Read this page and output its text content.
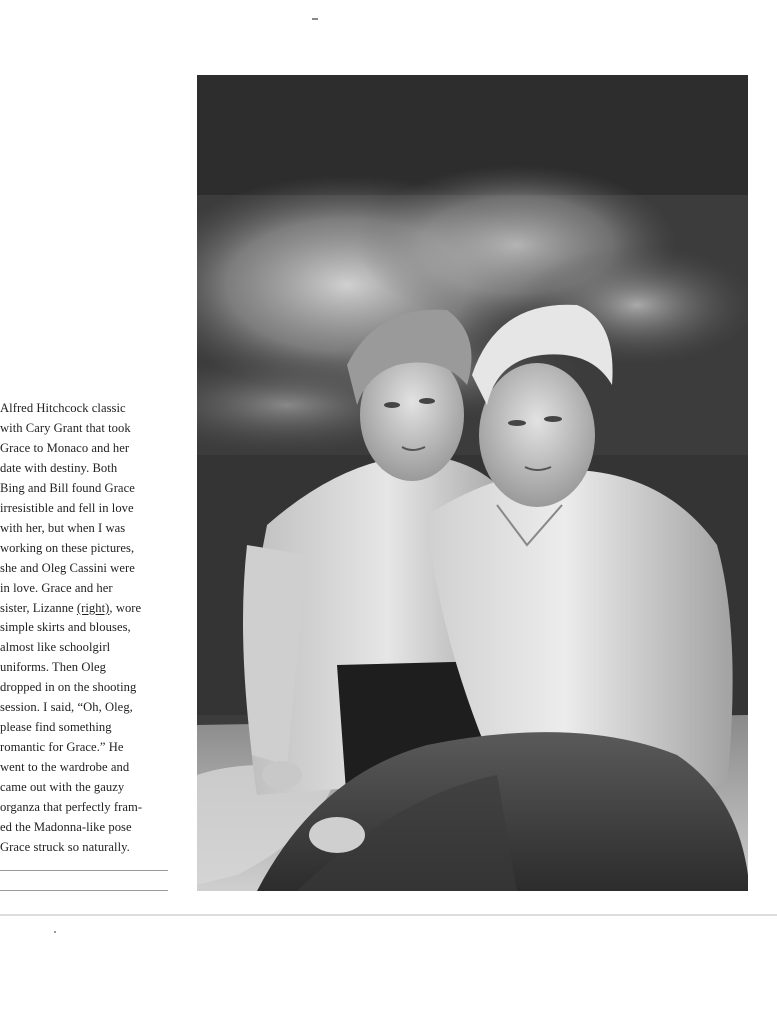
Alfred Hitchcock classic
with Cary Grant that took
Grace to Monaco and her
date with destiny. Both
Bing and Bill found Grace
irresistible and fell in love
with her, but when I was
working on these pictures,
she and Oleg Cassini were
in love. Grace and her
sister, Lizanne (right), wore
simple skirts and blouses,
almost like schoolgirl
uniforms. Then Oleg
dropped in on the shooting
session. I said, “Oh, Oleg,
please find something
romantic for Grace.” He
went to the wardrobe and
came out with the gauzy
organza that perfectly fram-
ed the Madonna-like pose
Grace struck so naturally.
